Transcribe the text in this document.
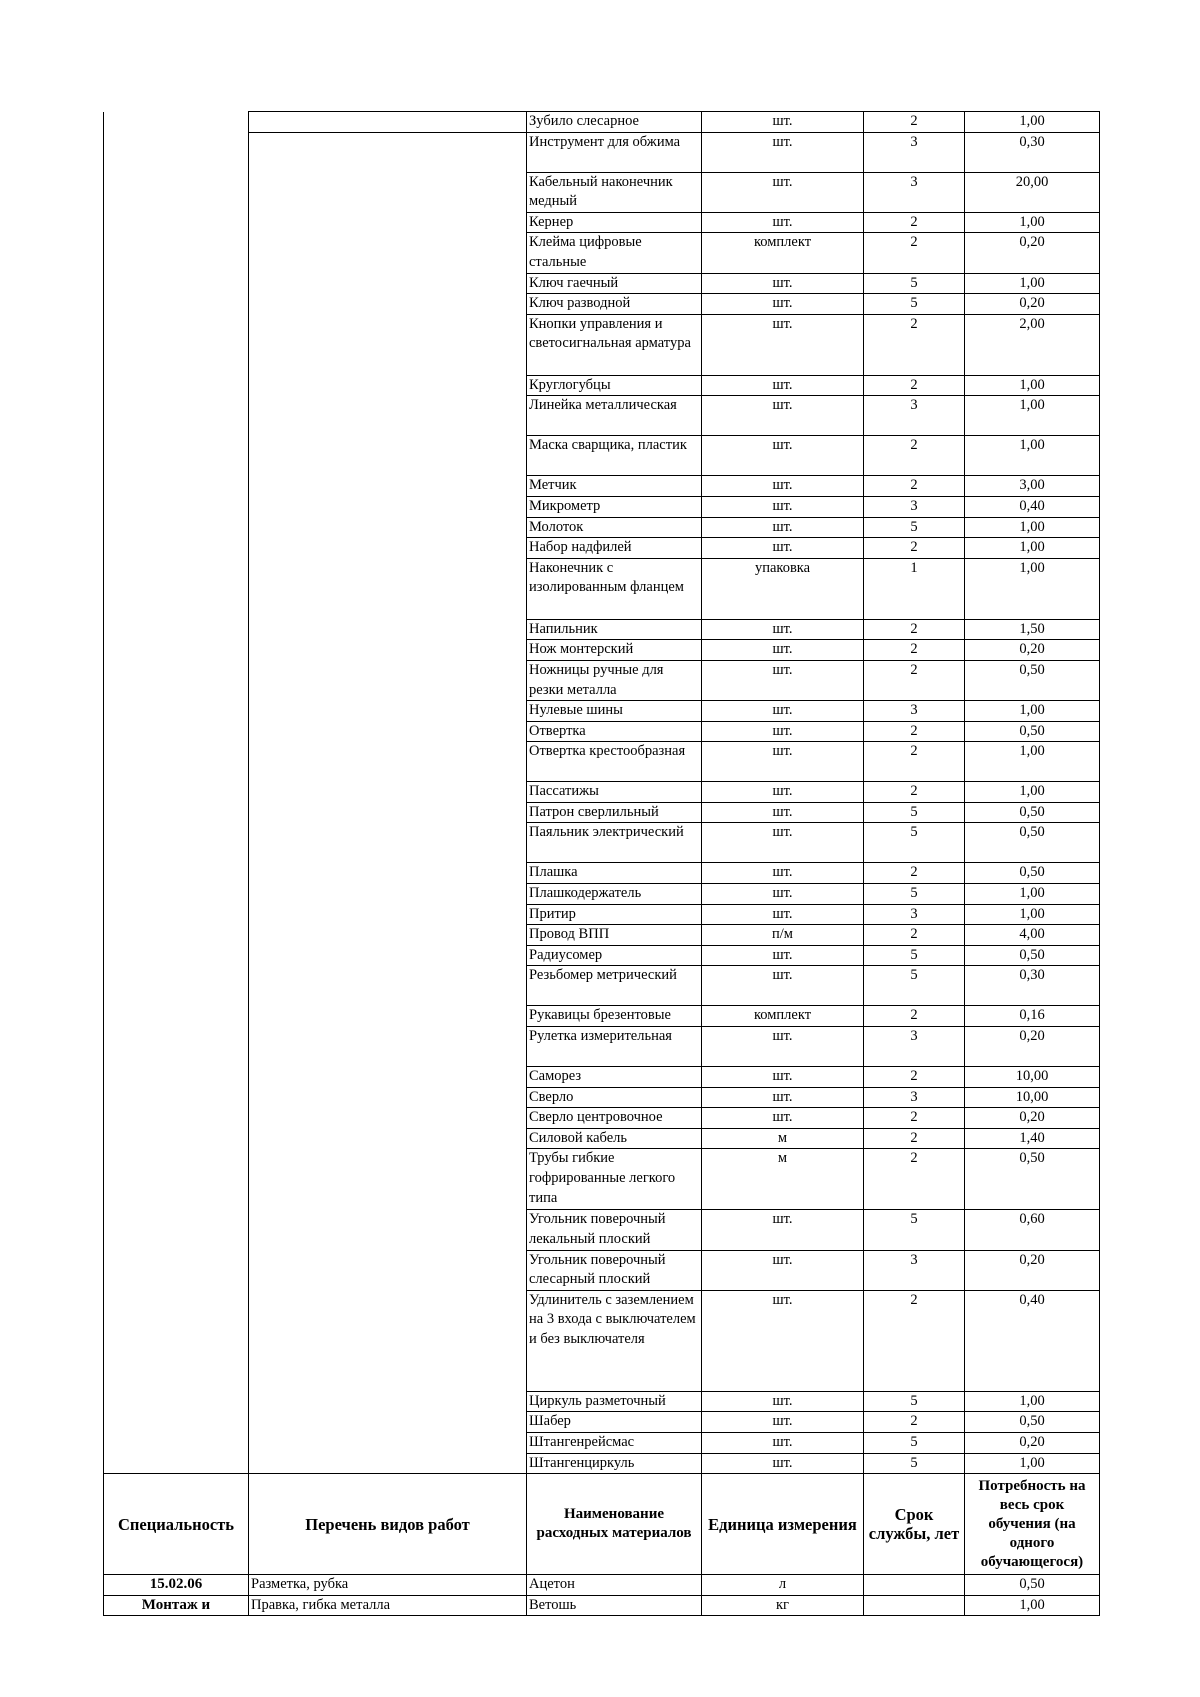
		Зубило слесарное	шт.	2	1,00
		Инструмент для обжима	шт.	3	0,30
		Кабельный наконечник медный	шт.	3	20,00
		Кернер	шт.	2	1,00
		Клейма цифровые стальные	комплект	2	0,20
		Ключ гаечный	шт.	5	1,00
		Ключ разводной	шт.	5	0,20
		Кнопки управления и светосигнальная арматура	шт.	2	2,00
		Круглогубцы	шт.	2	1,00
		Линейка металлическая	шт.	3	1,00
		Маска сварщика, пластик	шт.	2	1,00
		Метчик	шт.	2	3,00
		Микрометр	шт.	3	0,40
		Молоток	шт.	5	1,00
		Набор надфилей	шт.	2	1,00
		Наконечник с изолированным фланцем	упаковка	1	1,00
		Напильник	шт.	2	1,50
		Нож монтерский	шт.	2	0,20
		Ножницы ручные для резки металла	шт.	2	0,50
		Нулевые шины	шт.	3	1,00
		Отвертка	шт.	2	0,50
		Отвертка крестообразная	шт.	2	1,00
		Пассатижы	шт.	2	1,00
		Патрон сверлильный	шт.	5	0,50
		Паяльник электрический	шт.	5	0,50
		Плашка	шт.	2	0,50
		Плашкодержатель	шт.	5	1,00
		Притир	шт.	3	1,00
		Провод ВПП	п/м	2	4,00
		Радиусомер	шт.	5	0,50
		Резьбомер метрический	шт.	5	0,30
		Рукавицы брезентовые	комплект	2	0,16
		Рулетка измерительная	шт.	3	0,20
		Саморез	шт.	2	10,00
		Сверло	шт.	3	10,00
		Сверло центровочное	шт.	2	0,20
		Силовой кабель	м	2	1,40
		Трубы гибкие гофрированные легкого типа	м	2	0,50
		Угольник поверочный лекальный плоский	шт.	5	0,60
		Угольник поверочный слесарный плоский	шт.	3	0,20
		Удлинитель с заземлением на 3 входа с выключателем и без выключателя	шт.	2	0,40
		Циркуль разметочный	шт.	5	1,00
		Шабер	шт.	2	0,50
		Штангенрейсмас	шт.	5	0,20
		Штангенциркуль	шт.	5	1,00
Специальность	Перечень видов работ	Наименование расходных материалов	Единица измерения	Срок службы, лет	Потребность на весь срок обучения (на одного обучающегося)
15.02.06	Разметка, рубка	Ацетон	л		0,50
Монтаж и	Правка, гибка металла	Ветошь	кг		1,00
